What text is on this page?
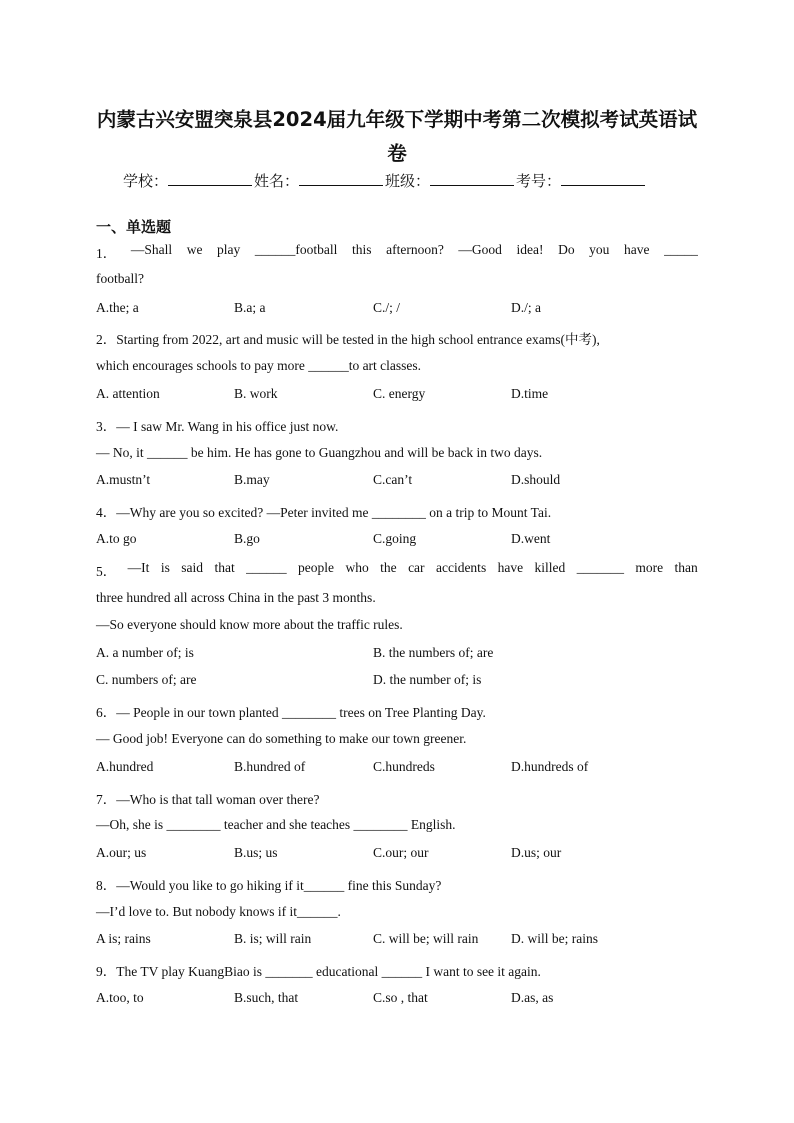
内蒙古兴安盟突泉县2024届九年级下学期中考第二次模拟考试英语试
卷
学校：	姓名：	班级：	考号：
一、单选题
1． —Shall we play ______football this afternoon? —Good idea! Do you have _____
football?
A.the; a	B.a; a	C./; /	D./; a
2．Starting from 2022, art and music will be tested in the high school entrance exams(中考),
which encourages schools to pay more ______to art classes.
A. attention	B. work	C. energy	D.time
3．— I saw Mr. Wang in his office just now.
— No, it ______ be him. He has gone to Guangzhou and will be back in two days.
A.mustn’t	B.may	C.can’t	D.should
4．—Why are you so excited? —Peter invited me ________ on a trip to Mount Tai.
A.to go	B.go	C.going	D.went
5． —It is said that ______ people who the car accidents have killed _______ more than
three hundred all across China in the past 3 months.
—So everyone should know more about the traffic rules.
A. a number of; is	B. the numbers of; are
C. numbers of; are	D. the number of; is
6．— People in our town planted ________ trees on Tree Planting Day.
— Good job! Everyone can do something to make our town greener.
A.hundred	B.hundred of	C.hundreds	D.hundreds of
7．—Who is that tall woman over there?
—Oh, she is ________ teacher and she teaches ________ English.
A.our; us	B.us; us	C.our; our	D.us; our
8．—Would you like to go hiking if it______ fine this Sunday?
—I’d love to. But nobody knows if it______.
A is; rains	B. is; will rain	C. will be; will rain D. will be; rains
9．The TV play KuangBiao is _______ educational ______ I want to see it again.
A.too, to	B.such, that	C.so , that	D.as, as
